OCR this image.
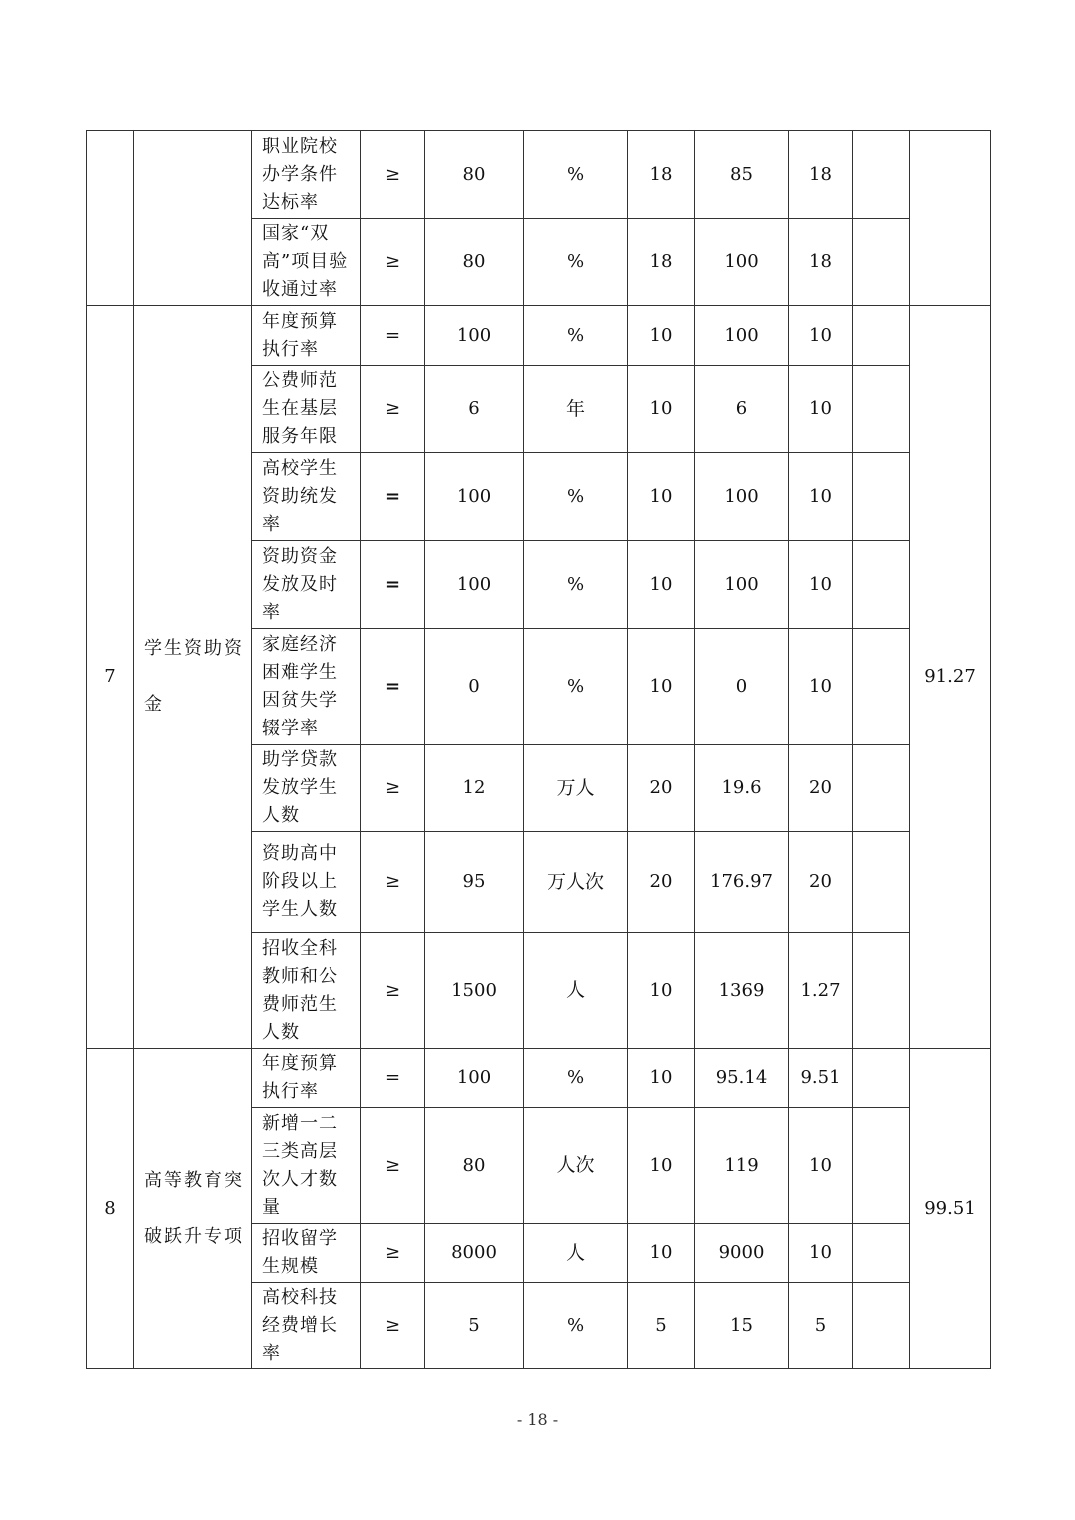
		职业院校办学条件达标率	≥	80	%	18	85	18		
		国家“双高”项目验收通过率	≥	80	%	18	100	18		
7	学生资助资金	年度预算执行率	=	100	%	10	100	10		91.27
		公费师范生在基层服务年限	≥	6	年	10	6	10		
		高校学生资助统发率	=	100	%	10	100	10		
		资助资金发放及时率	=	100	%	10	100	10		
		家庭经济困难学生因贫失学辍学率	=	0	%	10	0	10		
		助学贷款发放学生人数	≥	12	万人	20	19.6	20		
		资助高中阶段以上学生人数	≥	95	万人次	20	176.97	20		
		招收全科教师和公费师范生人数	≥	1500	人	10	1369	1.27		
8	高等教育突破跃升专项	年度预算执行率	=	100	%	10	95.14	9.51		99.51
		新增一二三类高层次人才数量	≥	80	人次	10	119	10		
		招收留学生规模	≥	8000	人	10	9000	10		
		高校科技经费增长率	≥	5	%	5	15	5		
- 18 -
